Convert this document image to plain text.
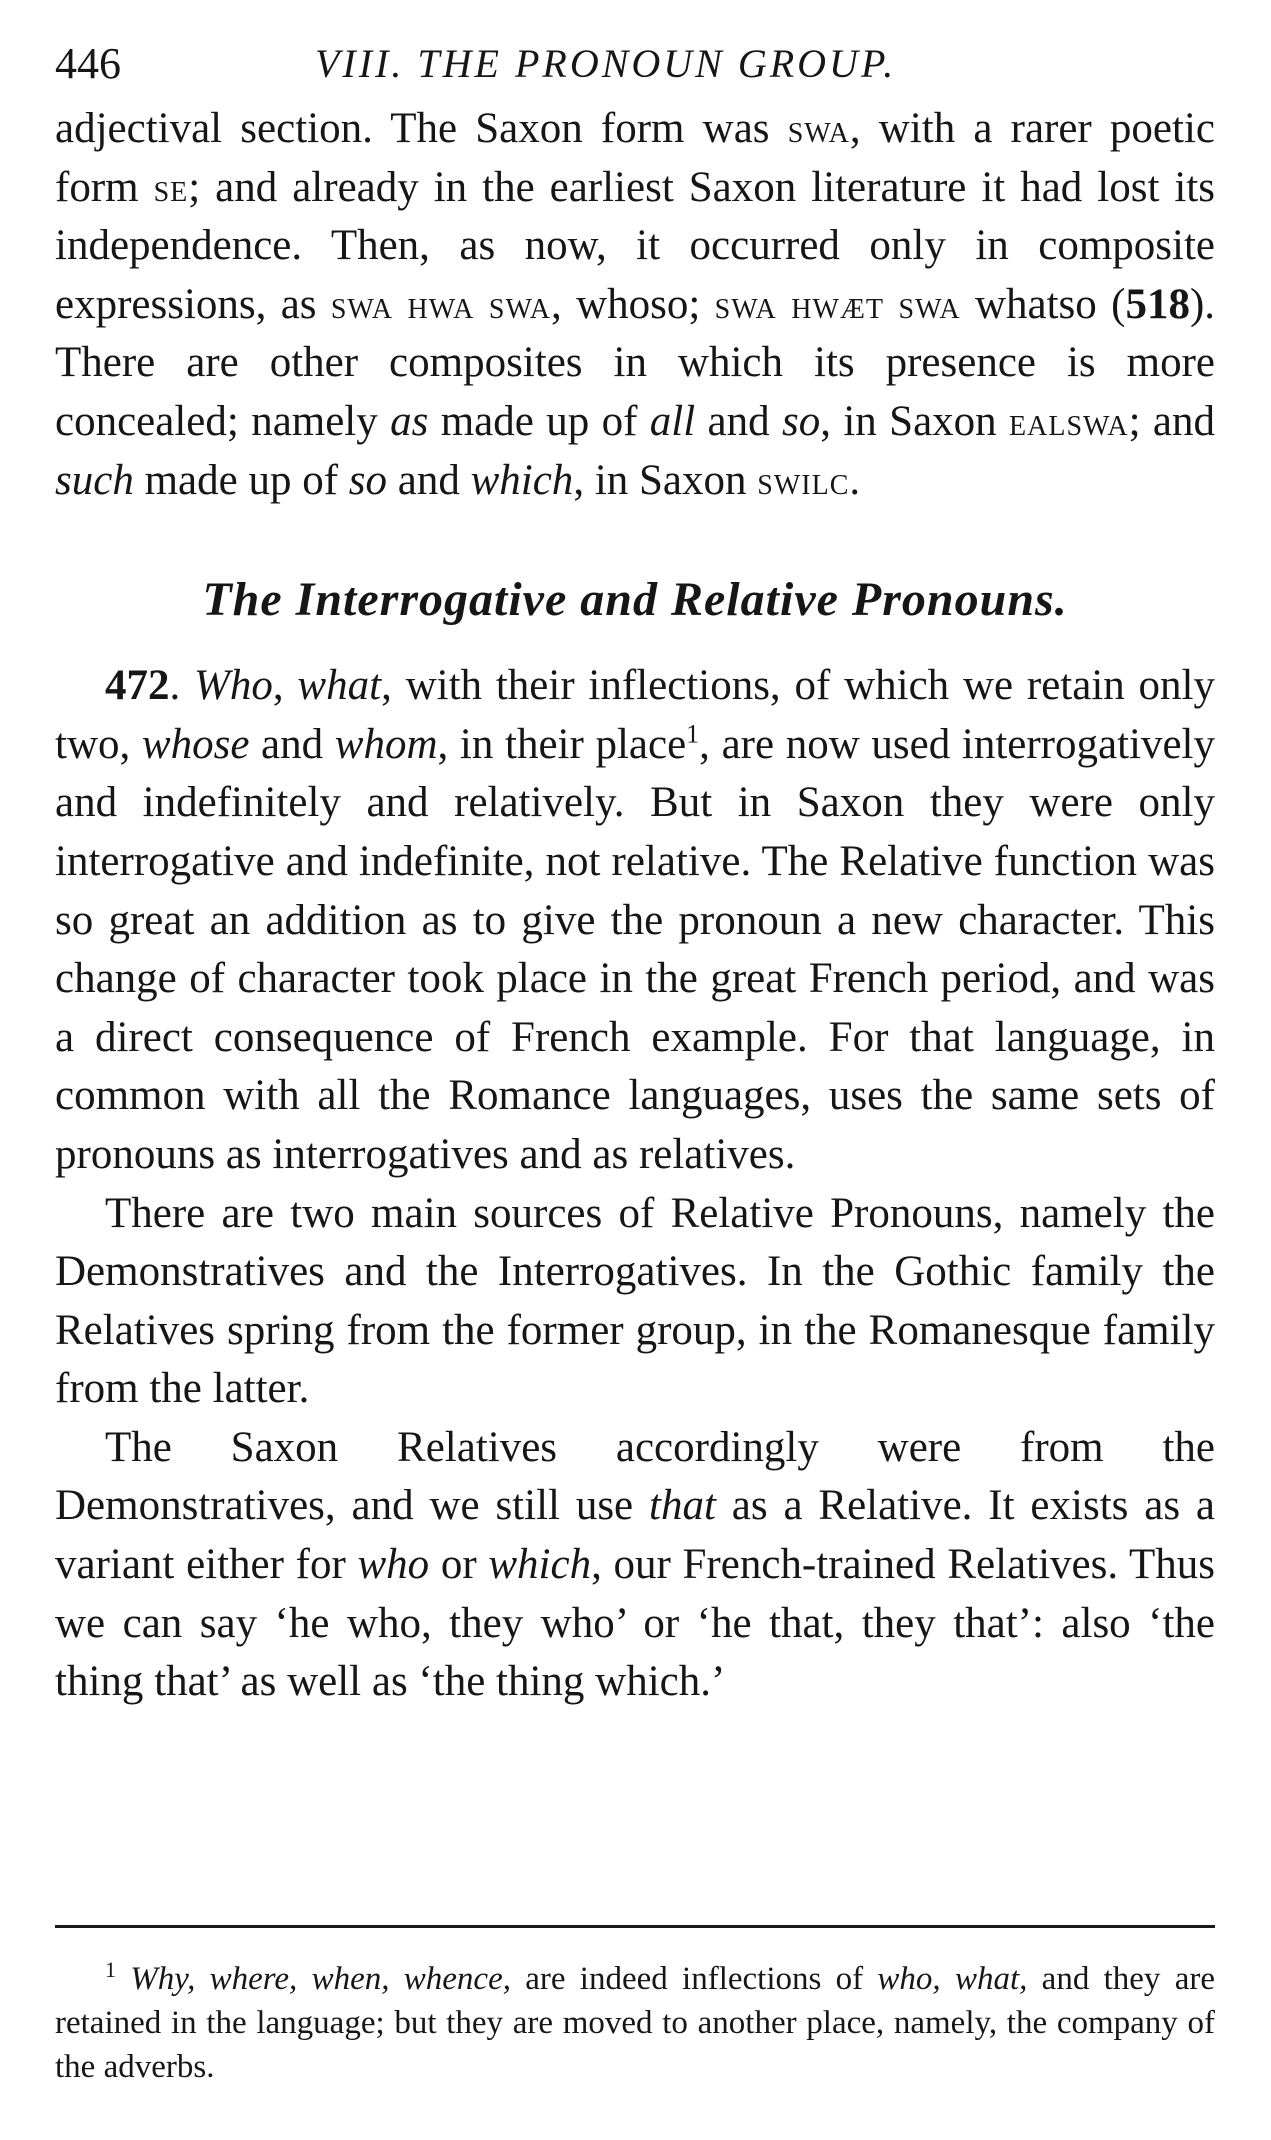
446	VIII. THE PRONOUN GROUP.

adjectival section. The Saxon form was swa, with a rarer poetic form se; and already in the earliest Saxon literature it had lost its independence. Then, as now, it occurred only in composite expressions, as swa hwa swa, whoso; swa hwæt swa whatso (518). There are other composites in which its presence is more concealed; namely as made up of all and so, in Saxon ealswa; and such made up of so and which, in Saxon swilc.

The Interrogative and Relative Pronouns.

472. Who, what, with their inflections, of which we retain only two, whose and whom, in their place$^1$, are now used interrogatively and indefinitely and relatively. But in Saxon they were only interrogative and indefinite, not relative. The Relative function was so great an addition as to give the pronoun a new character. This change of character took place in the great French period, and was a direct consequence of French example. For that language, in common with all the Romance languages, uses the same sets of pronouns as interrogatives and as relatives.

There are two main sources of Relative Pronouns, namely the Demonstratives and the Interrogatives. In the Gothic family the Relatives spring from the former group, in the Romanesque family from the latter.

The Saxon Relatives accordingly were from the Demonstratives, and we still use that as a Relative. It exists as a variant either for who or which, our French-trained Relatives. Thus we can say ‘he who, they who’ or ‘he that, they that’: also ‘the thing that’ as well as ‘the thing which.’

$^1$ Why, where, when, whence, are indeed inflections of who, what, and they are retained in the language; but they are moved to another place, namely, the company of the adverbs.
